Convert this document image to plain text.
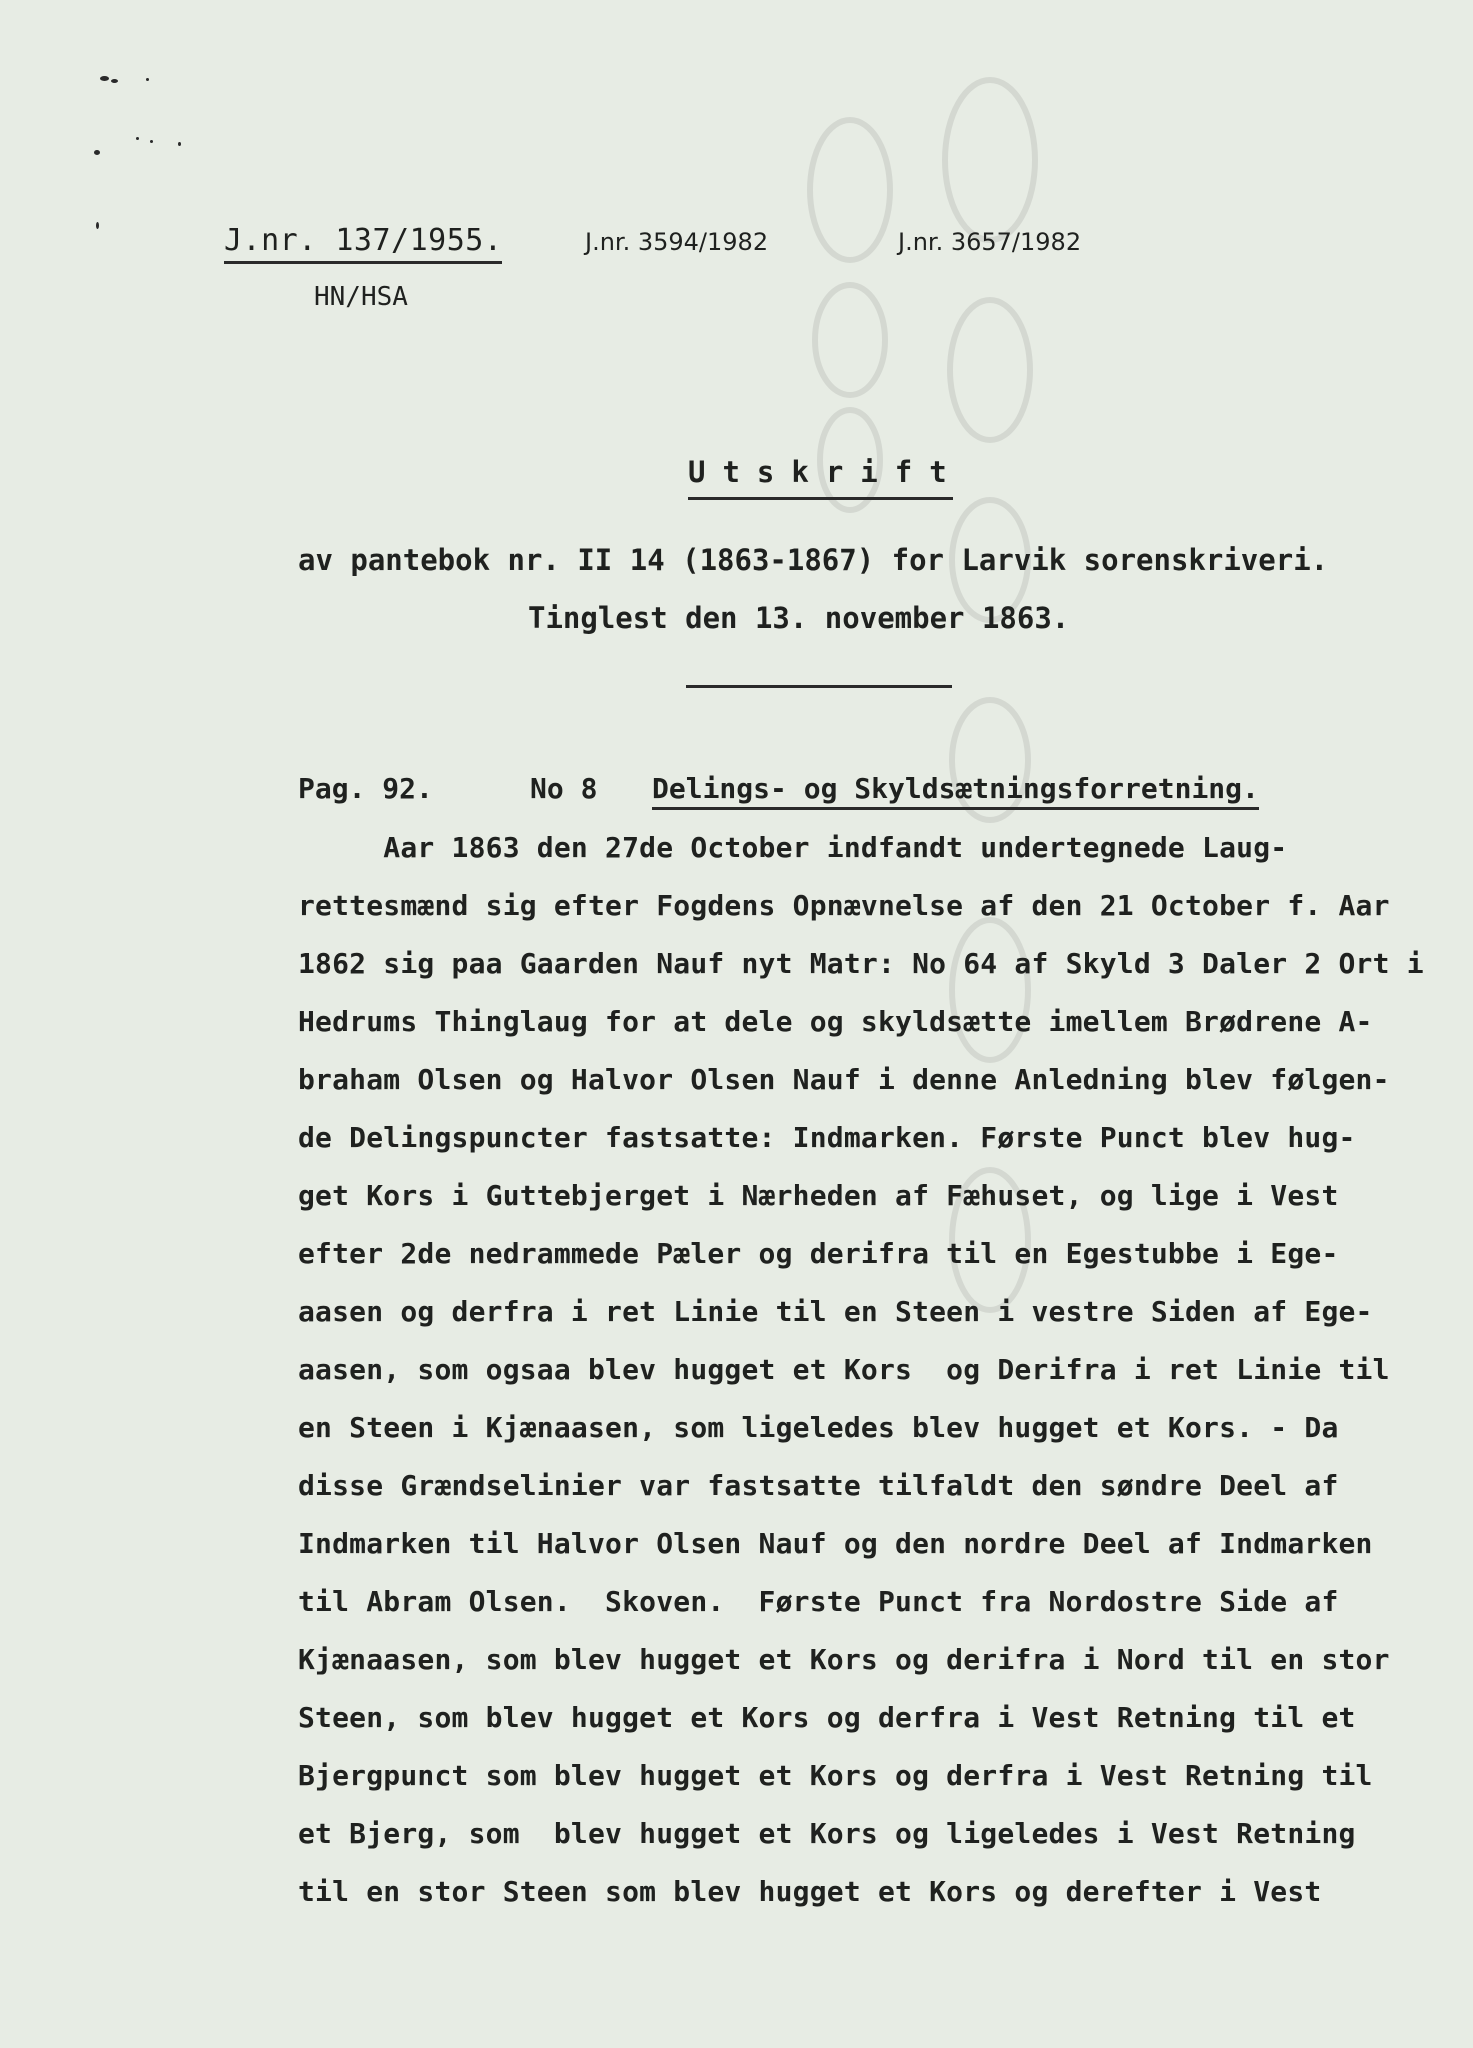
J.nr. 137/1955.	J.nr. 3594/1982	J.nr. 3657/1982
HN/HSA
Utskrift
av pantebok nr. II 14 (1863-1867) for Larvik sorenskriveri.
Tinglest den 13. november 1863.
Pag. 92.	No 8 Delings- og Skyldsætningsforretning.
Aar 1863 den 27de October indfandt undertegnede Laug-
rettesmænd sig efter Fogdens Opnævnelse af den 21 October f. Aar
1862 sig paa Gaarden Nauf nyt Matr: No 64 af Skyld 3 Daler 2 Ort i
Hedrums Thinglaug for at dele og skyldsætte imellem Brødrene A-
braham Olsen og Halvor Olsen Nauf i denne Anledning blev følgen-
de Delingspuncter fastsatte: Indmarken. Første Punct blev hug-
get Kors i Guttebjerget i Nærheden af Fæhuset, og lige i Vest
efter 2de nedrammede Pæler og derifra til en Egestubbe i Ege-
aasen og derfra i ret Linie til en Steen i vestre Siden af Ege-
aasen, som ogsaa blev hugget et Kors  og Derifra i ret Linie til
en Steen i Kjænaasen, som ligeledes blev hugget et Kors. - Da
disse Grændselinier var fastsatte tilfaldt den søndre Deel af
Indmarken til Halvor Olsen Nauf og den nordre Deel af Indmarken
til Abram Olsen.  Skoven.  Første Punct fra Nordostre Side af
Kjænaasen, som blev hugget et Kors og derifra i Nord til en stor
Steen, som blev hugget et Kors og derfra i Vest Retning til et
Bjergpunct som blev hugget et Kors og derfra i Vest Retning til
et Bjerg, som  blev hugget et Kors og ligeledes i Vest Retning
til en stor Steen som blev hugget et Kors og derefter i Vest
